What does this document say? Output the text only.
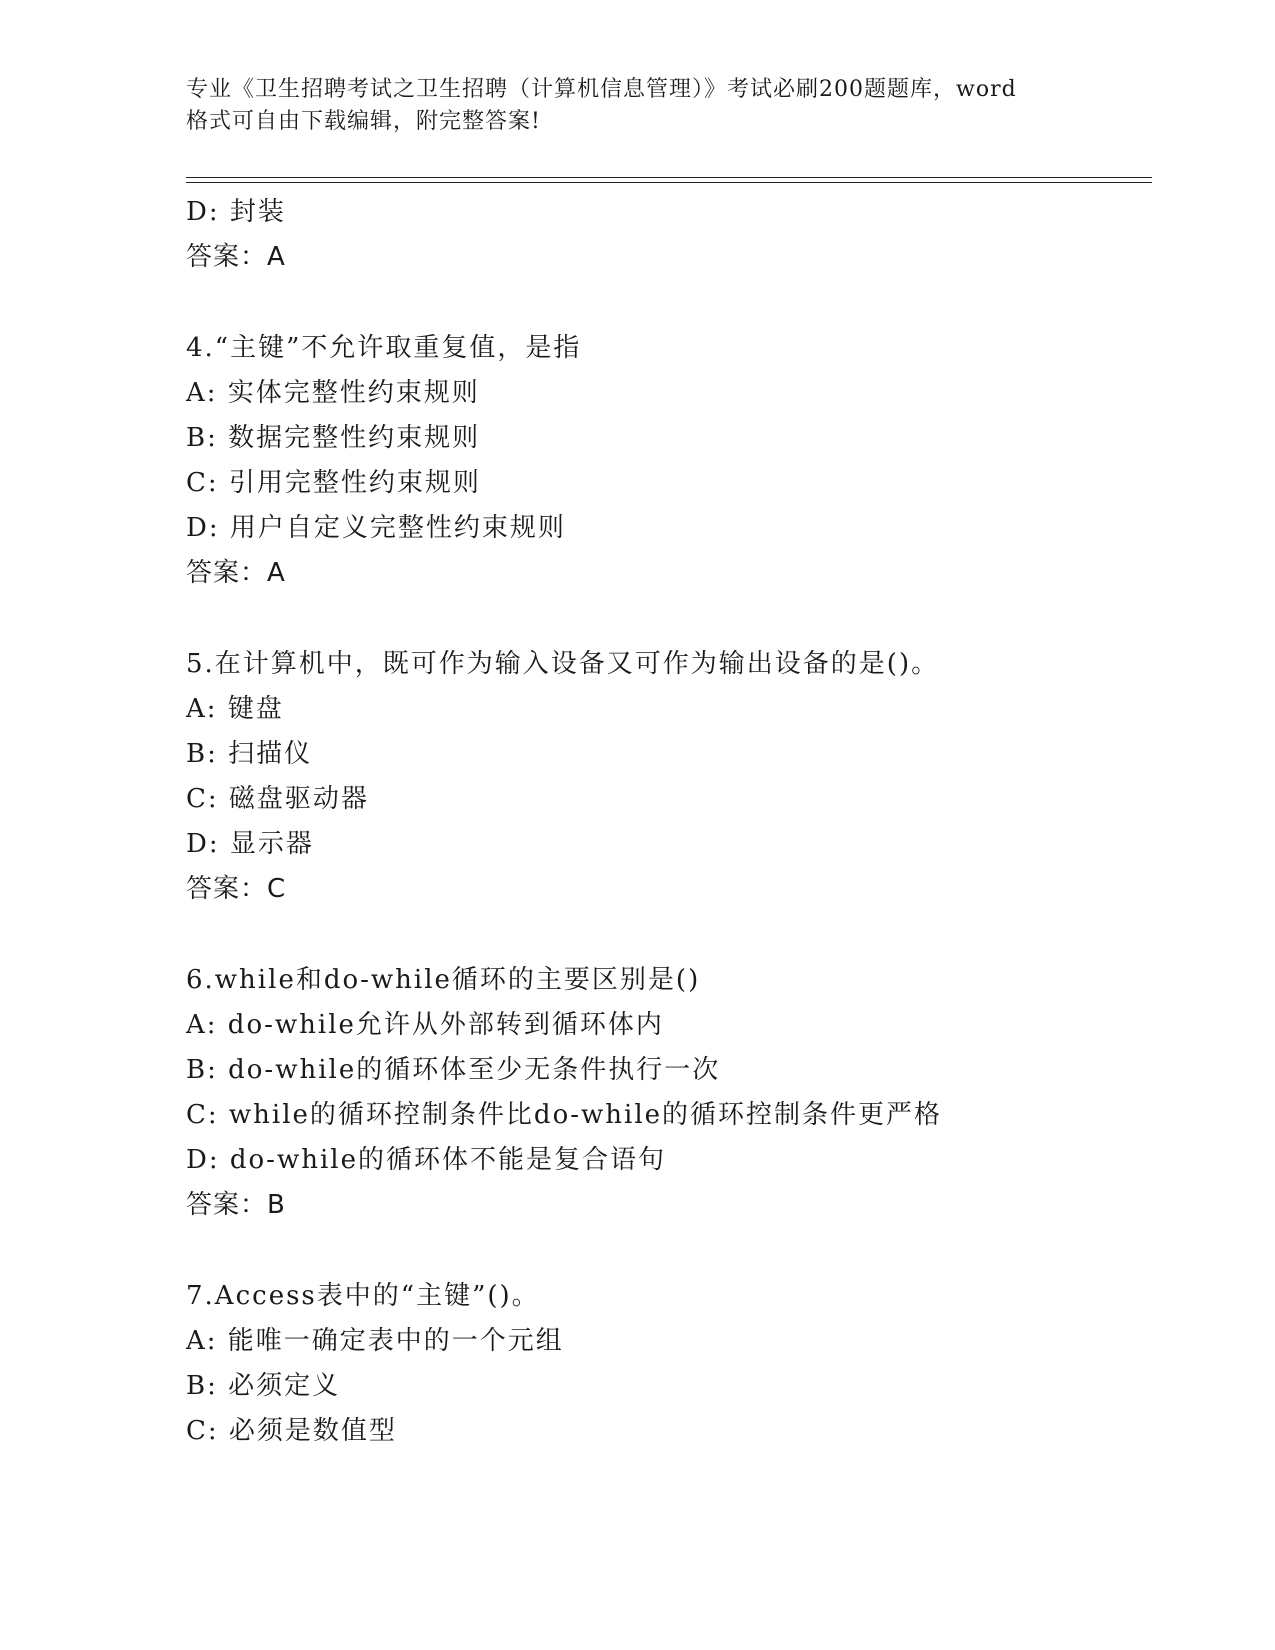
专业《卫生招聘考试之卫生招聘（计算机信息管理）》考试必刷200题题库，word
格式可自由下载编辑，附完整答案!
D: 封装
答案：A
4.“主键”不允许取重复值，是指
A: 实体完整性约束规则
B: 数据完整性约束规则
C: 引用完整性约束规则
D: 用户自定义完整性约束规则
答案：A
5.在计算机中，既可作为输入设备又可作为输出设备的是()。
A: 键盘
B: 扫描仪
C: 磁盘驱动器
D: 显示器
答案：C
6.while和do-while循环的主要区别是()
A: do-while允许从外部转到循环体内
B: do-while的循环体至少无条件执行一次
C: while的循环控制条件比do-while的循环控制条件更严格
D: do-while的循环体不能是复合语句
答案：B
7.Access表中的“主键”()。
A: 能唯一确定表中的一个元组
B: 必须定义
C: 必须是数值型
